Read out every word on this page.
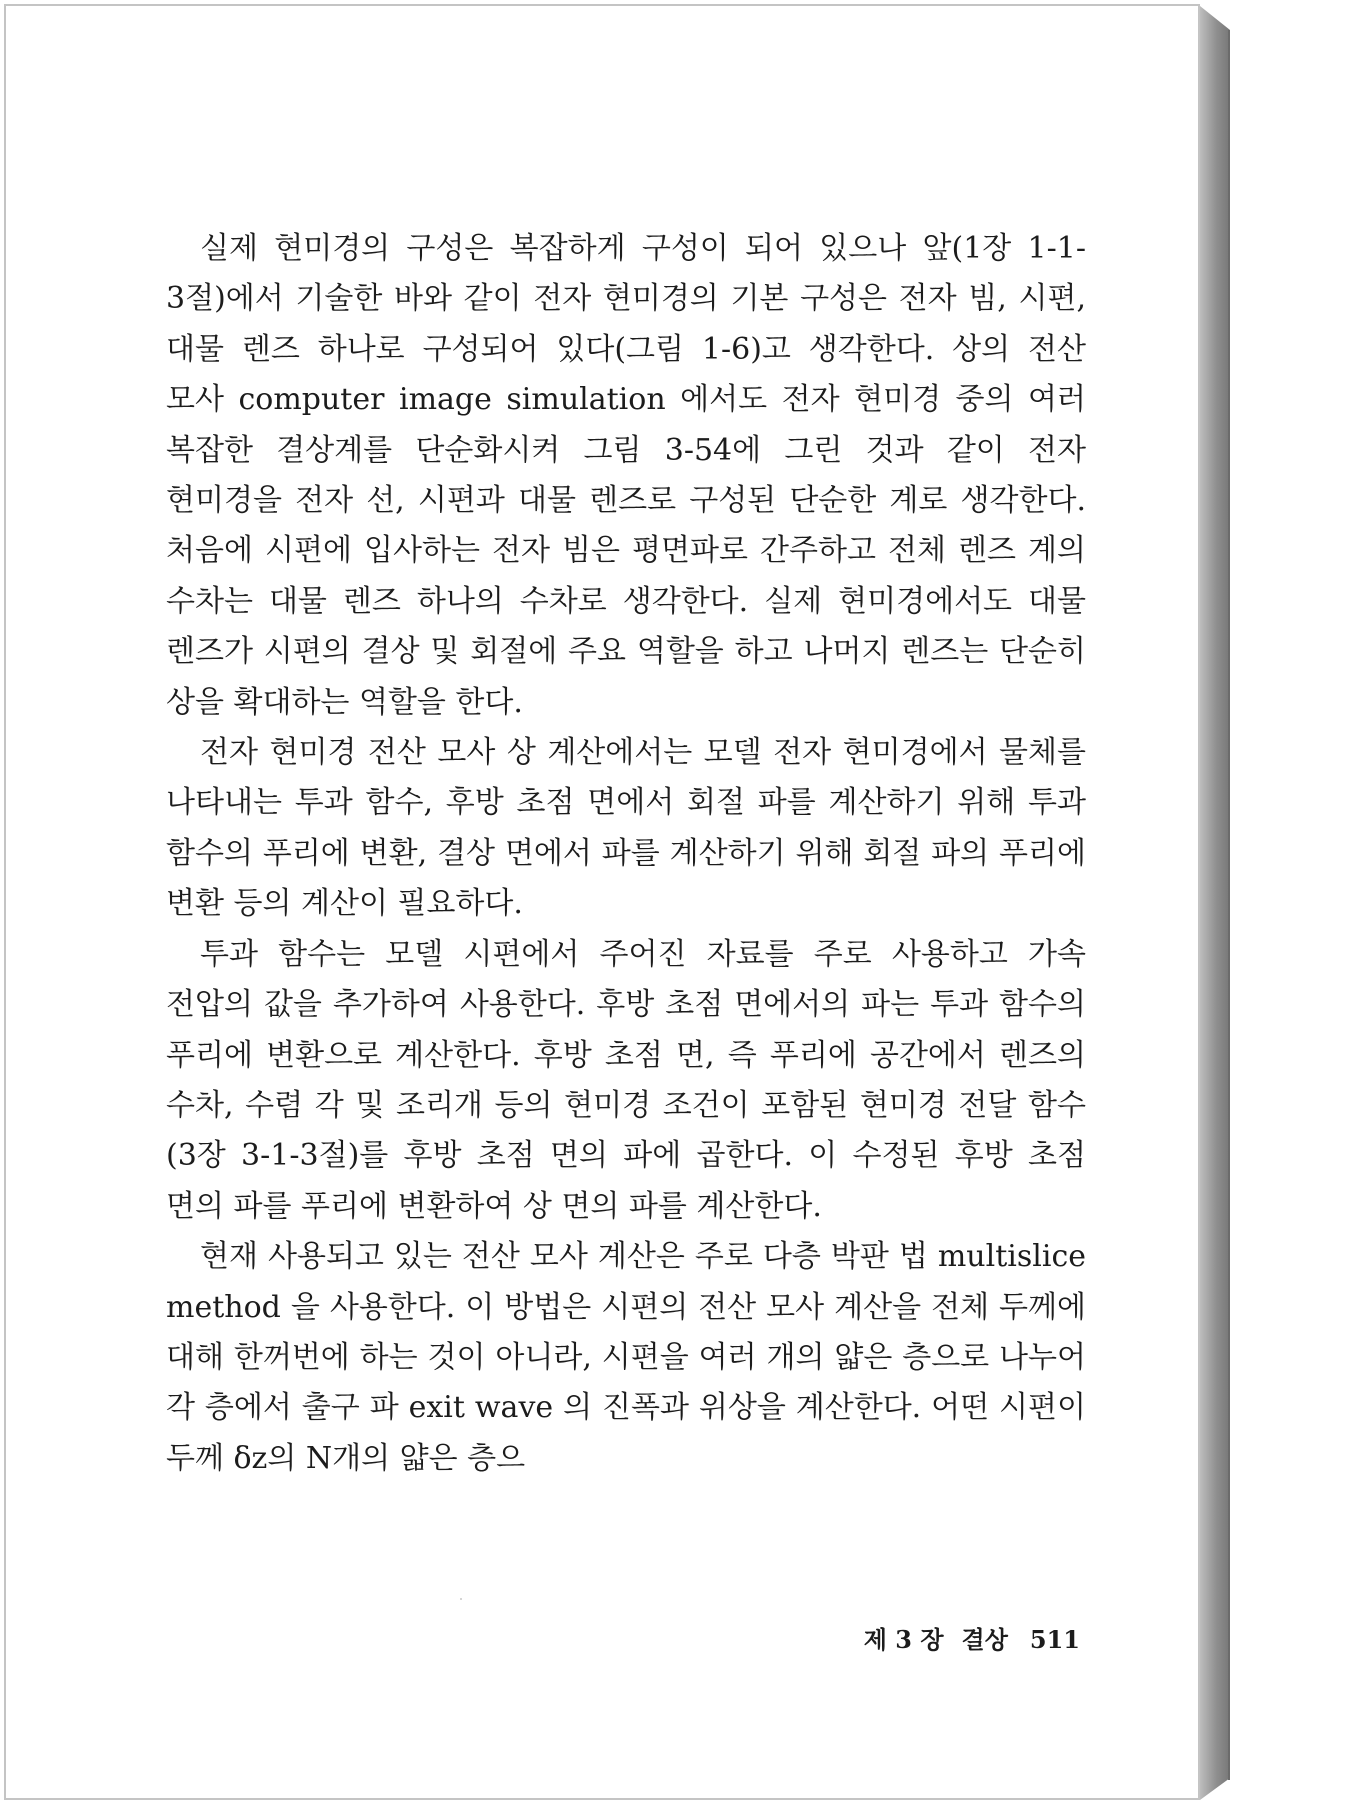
실제 현미경의 구성은 복잡하게 구성이 되어 있으나 앞(1장 1-1-3절)에서 기술한 바와 같이 전자 현미경의 기본 구성은 전자 빔, 시편, 대물 렌즈 하나로 구성되어 있다(그림 1-6)고 생각한다. 상의 전산 모사 computer image simulation 에서도 전자 현미경 중의 여러 복잡한 결상계를 단순화시켜 그림 3-54에 그린 것과 같이 전자 현미경을 전자 선, 시편과 대물 렌즈로 구성된 단순한 계로 생각한다. 처음에 시편에 입사하는 전자 빔은 평면파로 간주하고 전체 렌즈 계의 수차는 대물 렌즈 하나의 수차로 생각한다. 실제 현미경에서도 대물 렌즈가 시편의 결상 및 회절에 주요 역할을 하고 나머지 렌즈는 단순히 상을 확대하는 역할을 한다.

전자 현미경 전산 모사 상 계산에서는 모델 전자 현미경에서 물체를 나타내는 투과 함수, 후방 초점 면에서 회절 파를 계산하기 위해 투과 함수의 푸리에 변환, 결상 면에서 파를 계산하기 위해 회절 파의 푸리에 변환 등의 계산이 필요하다.

투과 함수는 모델 시편에서 주어진 자료를 주로 사용하고 가속 전압의 값을 추가하여 사용한다. 후방 초점 면에서의 파는 투과 함수의 푸리에 변환으로 계산한다. 후방 초점 면, 즉 푸리에 공간에서 렌즈의 수차, 수렴 각 및 조리개 등의 현미경 조건이 포함된 현미경 전달 함수(3장 3-1-3절)를 후방 초점 면의 파에 곱한다. 이 수정된 후방 초점 면의 파를 푸리에 변환하여 상 면의 파를 계산한다.

현재 사용되고 있는 전산 모사 계산은 주로 다층 박판 법 multislice method 을 사용한다. 이 방법은 시편의 전산 모사 계산을 전체 두께에 대해 한꺼번에 하는 것이 아니라, 시편을 여러 개의 얇은 층으로 나누어 각 층에서 출구 파 exit wave 의 진폭과 위상을 계산한다. 어떤 시편이 두께 δz의 N개의 얇은 층으

제 3 장 결상 511
